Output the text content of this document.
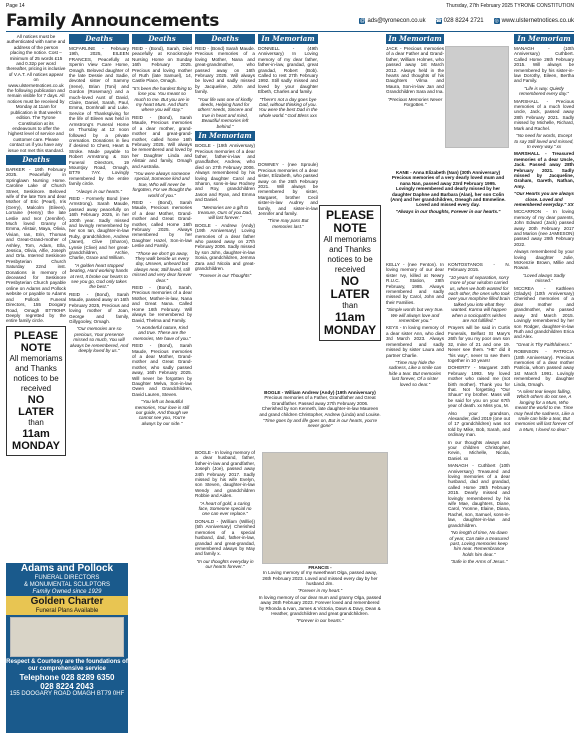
Page 14	Thursday, 27th February 2025 TYRONE CONSTITUTION
Family Announcements	@ ads@tyronecon.co.uk ☎ 028 8224 2721 ◎ www.ulsternetnotices.co.uk

All notices must be authenticated with name and address of the person placing the notice. Cost – minimum of 25 words £15 and 0.32p per word thereafter, pricing is inclusive of V.A.T. All notices appear on www.ulsternetnotices.co.uk the following publication and remain visible for 7 days. All notices must be received by Monday at 11am for publication in that week's edition. The Tyrone Constitution at its endeavours to offer the highest level of service and customer care. Please contact us if you have any issue not met this standard.

Deaths

BARKER - 19th February 2025. Peacefully in Springlawn Nursing Home. Caroline Lake of Church Street, Seskinore. Beloved wife of the late Tom and dear Mother of Eric (Pearl), Iris (Gerry), Malcolm (Eileen), Lorraine (Henry) the late Leslie and Ivor (Jennifer). Much loved Granny of Emma, Alistair, Maya, Olivia, Vivian, Ian, Erin, Thomas and Great-Grand-mother of Ashley, Tom, Adam, Ella, Jessica, Olivia, Alfie, Joseph and Orla. Interred Seskinore Presbyterian Church Saturday 22nd inst. Donations in memory of deceased for Seskinore Presbyterian Church payable online on Adams and Pollock website or payable to Adams and Pollock Funeral Directors, 155 Doogary Road, Omagh BT790HP. Deeply regretted by the entire family circle.

PLEASE
NOTE
All memoriams and Thanks notices to be received
NO LATER
than
11am MONDAY
Adams and Pollock
FUNERAL DIRECTORS
& MONUMENTAL SCULPTORS
Family Owned since 1929
Golden Charter
Funeral Plans Available
Respect & Courtesy are the foundations of our comprehensive service
Telephone 028 8289 6350
028 8224 2043
155 DOOGARY ROAD OMAGH BT79 0HF
Deaths

MCFARLINE - February 19th, 2025, EILEEN FRANCES, Peacefully at Sperrin View Care Home, Omagh. Beloved daughter of the late Dessie and Sadie, devoted sister of Sammy (Irene), Brian (Toni) and Gordon (Rosemary) and a much-loved Aunt of David, Claire, Daniel, Sarah, Paul, Emma, Domhnall and Luke. Service of Thanksgiving for the life of Eileen was held in Armstrong's Funeral Home on Thursday at 12 noon followed by a private cremation. Donations in lieu if desired to Chest, Heart & Stroke. Made payable to Robert Armstrong & Son Funeral Directors, 19 Mountjoy Road, Omagh, BT79 7AY. Lovingly remembered by the entire family circle.

"Always in our hearts."

REID - Formerly Bond (nee Armstrong). Sarah Maude, passed away peacefully on 16th February 2025, in her 100th year. Sadly missed and lovingly remembered by her son Ian, daughter-in-law Ruby, grandchildren, Andrew (Janet), Clive (Sharon), Lynsie (Clive) and her great-grandchildren, Archie, Charlie, Grace and William.

"A golden heart stopped beating, Hard working hands at rest, It broke our hearts to see you go, God only takes the best."

REID - (Bond), Sarah Maude, passed away on 16th February 2025, Precious and loving mother of Joan, George and family, Gillygooley, Omagh.

"Our memories are so precious, Your presence missed so much, You will always be remembered, And deeply loved by us."
Deaths

REID - (Bond), Sarah, Died peacefully at Knockmoyle Nursing Home on Sunday 16th February 2025. Precious and loving mother of Ruth (late Samuel), 14, Castle Place, Omagh.

"It's been the hardest thing to lose you. You meant so much to me. But you are in my heart Mum. And that's where you will stay."

REID - (Bond), Sarah Maude, Precious memories of a dear mother, grand-mother and great-grand-mother, called home 16th February 2025. Will always be remembered and loved by her Daughter Linda and Alistair and family, Omagh and Australia.

"You were always someone special, Someone kind and true, Who will never be forgotten, For we thought the world of you."

REID - (Bond), Sarah Maude, Precious memories of a dear Mother, Grand-mother and Great Grand-mother, called Home 16th February 2025. Always remembered by her Daughter Hazel, Son-in-law Leslie and Family.

"Those we don't go away, They walk beside us every day, Unseen, unheard but always near, Still loved, still missed and very dear forever dear."

REID - (Bond), Sarah, Precious memories of a dear Mother, Mother-in-law, Nana and Great Nana. Called Home 16th February. Will always be remembered by David, Thelma and Family.

"A wonderful nature, Kind and true. These are the memories, We have of you."

REID - (Bond), Sarah Maude, Precious memories of a dear Mother, Grand-mother and Great Grand-mother, who sadly passed away, 16th February 2025. Will never be forgotten by Daughter Melva, Son-in-law Owen and Grandchildren, David Lauren, Steven.

"You left us beautiful memories, Your love is still our guide, And though we cannot see you, You're always by our side."
Deaths

REID - (Bond) Sarah Maude. Precious memories of a loving Mother, Nana and great-grandmother, who passed away on 16th February 2025. Will always be loved and sadly missed by Jacqueline, John and family.

"Your life was one of kindly deeds, Helping hand for others' needs, Sincere and true in heart and mind, Beautiful memories left behind."
In Memoriam

BOGLE - (19th Anniversary) Precious memories of a dear father, father-in-law and grandfather, Andrew, who died on 27th February 2006. Always remembered by his loving daughter Carol and Sharon, sons-in-law Rodney and Roy, grandchildren Jason and Ryan, and Emma and Daniel.

"Memories are a gift to treasure, Ours of you Dad, will last forever."

BOGLE - Andrew (Andy) (19th Anniversary) Loving memories of a dear father who passed away on 27th February 2006. Sadly missed by son John, daughter-in-law Sonia, grandchildren, Jemma Zara and Nicola and great-grandchildren.

"Forever in our Thoughts"
In Memoriam

DONNELL - (49th Anniversary) In Loving memory of my dear father, father-in-law, grandad, great grandad, Robert (Bob). Called to rest 27th February 1992. Still sadly missed and loved by your daughter Elbeth, Charles and family.

"There's not a day goes bye Dad, without thinking of you. You were the best Dad in the whole world." God Bless xxx

DOWNEY - (nee Sproule) Precious memories of a dear sister, Elizabeth, who passed away on the 26th February 2021. Will always be remembered by sister, Margaret, brother Cecil sister-in-law Audrey and family, and sister-in-law Jennifer and family.

"Time may pass But memories last."
PLEASE
NOTE
All memoriams and Thanks notices to be received
NO LATER
than
11am MONDAY
BOGLE - William Andrew (Andy) (19th Anniversary)
Precious memories of a Father, Grandfather and Great Grandfather. Passed away 27th February 2006.
Cherished by son Kenneth, late daughter-in-law Maureen and grand children Christopher, Andrew (Linda) and Louise.
"Time goes by and life goes on, But in our hearts, you're never gone"

BOGLE - In loving memory of a dear husband, father, father-in-law and grandfather, Joseph (Joe), passed away 24th February 2017. Sadly missed by his wife Evelyn, son Steven, daughter-in-law Wendy and grandchildren Robbie and Aiden.

"A heart of gold, a caring face, Someone special no one can ever replace."

DONALD - (William (Willie)) (5th Anniversary) Cherished memories of a special husband, dad, father-in-law, grandad and great-grandad, remembered always by May and family x.

"In our thoughts everyday in our hearts forever."	FRANCIS -
In Loving memory of my sweetheart Olga, passed away, 26th February 2023. Loved and missed every day by her husband Jim.
"Forever in my heart."
In loving memory of our dear mum and granny Olga, passed away 26th February 2023. Forever loved and remembered by Rhonda & Ivan, James & Victoria, Dawn & Davy, Dean & Heather, grandchildren and great grandchildren.
"Forever in our hearts."
In Memoriam

JACK - Precious memories of a dear Father and Grand-father, William Holmes, who passed away 1st March 2012. Always held in the hearts and thoughts of his Daughters Vilma and Maura, Son-in-law Jan and Grandchildren Sara and Ina.

"Precious Memories Never Forgotten."
KANE - Anna Elizabeth (Nan) (30th Anniversary)
Precious memories of a very dearly loved mum and nana Nan, passed away 23rd February 1995.
Lovingly remembered and dearly missed by her daughter Daphne and Barbara (Alan), her son Colin (Ann) and her grandchildren, Oneagh and Emmeline.
Loved and missed every day.
"Always in our thoughts, Forever in our hearts."

KELLY - (nee Fenton). In loving memory of our dear sister Ivy, killed at Newry R.U.C. Station, 28th February, 1985. Always remembered and sadly missed by Carol, John and their Families.

"Simple words but very true. We will always love and remember you."

KEYS - In loving memory of a dear sister Ann, who died 3rd March 2023. Always remembered and sadly missed by sister Laura and partner Charlie.

"Time may hide the sadness, Like a smile can hide a tear. But memories last forever, Of a sister loved so dear."

KONTOSTANOS - N. February 2015.

"10 years of separation, sorry more of your wisdom carried us, when we both wanted for each other, the ones who took over your morphine filled brain talked you into what they wanted. Karma will happen when a sociopath's wishes are not fulfilled."

Prayers will be said in Curtis Funerals, Belfast St Mary's 26th for you my poor own son 32, mine of 21 and one 19. Never see them. "HE" did it "his way", never to see them together in 10 years!

DOHERTY - Margaret 24th February 1993. My loved mother who raised me (not birth mother). Thank you for that. Not forgetting "Our Shaun" my brother. Mass will be said for you on your 67th year of death. xx Miss you, M.

Also your grandson, Alexander, died 2019 (one out of 17 grandchildren) was not told by Mike, Bob, Sarah, and ordinary man.

In our thoughts always and your children Christopher, Kevin, Michelle, Nicola, Daniel. xx

MANAGH - Cuthbert (10th Anniversary) Treasured and loving memories of a dear husband, dad and grandad, called Home 26th February 2015. Dearly missed and lovingly remembered by his wife Mae, daughters, Diane, Carol, Yvonne, Elaine, Diana, Rachel, son, Samuel, sons-in-law, daughter-in-law and grandchildren.

"No length of time, No dawn of year, Can take a treasured past, Loving memories keep him near. Remembrance holds him dear."
"Safe in the Arms of Jesus."
In Memoriam

MANAGH - (10th Anniversary) Cuthbert. Called Home 26th February 2015. Will always be remembered by his sister-in-law Dorothy, Eileen, Bertha and Family.

"Life is way. Quietly remembered every day."

MARSHALL - Precious memories of a much loved uncle, Jack, passed away 28th February 2021. Sadly missed by Michelle, Richard, Mark and Rachel.

"No need for words, Except to say Still loved and missed, In every way." xx

MARSHALL - Treasured memories of a dear Uncle, Jack. Passed away 28th February 2021. Sadly missed by Jacqueline, Graham, Gareth, Nathan, Amy.

"Our Hearts you are always close. Loved and remembered everyday." XX

MCCARRON - In loving memory of my dear parents, John Edward (Jack) passed away 20th February 2017 and Marion (nee JAMIESON) passed away 29th February 2022.

Always remembered by your loving daughter Julie, McKenzie Brown, Millie and Rowan.

"Loved always Sadly missed."

MCCREA - Kathleen (Gladys) (10th Anniversary) Cherished memories of a dear mother and grandmother, who passed away 3rd March 2015. Lovingly remembered by her son Rodger, daughter-in-law Ruth and grandchildren Erica and Alex.

"Great is Thy Faithfulness."

ROBINSON - PATRICIA (18th Anniversary). Precious memories of a dear mother Patricia, whom passed away 1st March 1991. Lovingly remembered by daughter Linda, Omagh.

"A silent tear keeps falling, Which others do not see, A longing for a Mum, Who meant the world to me. Time may heal the sadness, Like a smile can hide a tear, But memories will last forever Of a Mum, I loved so dear."
